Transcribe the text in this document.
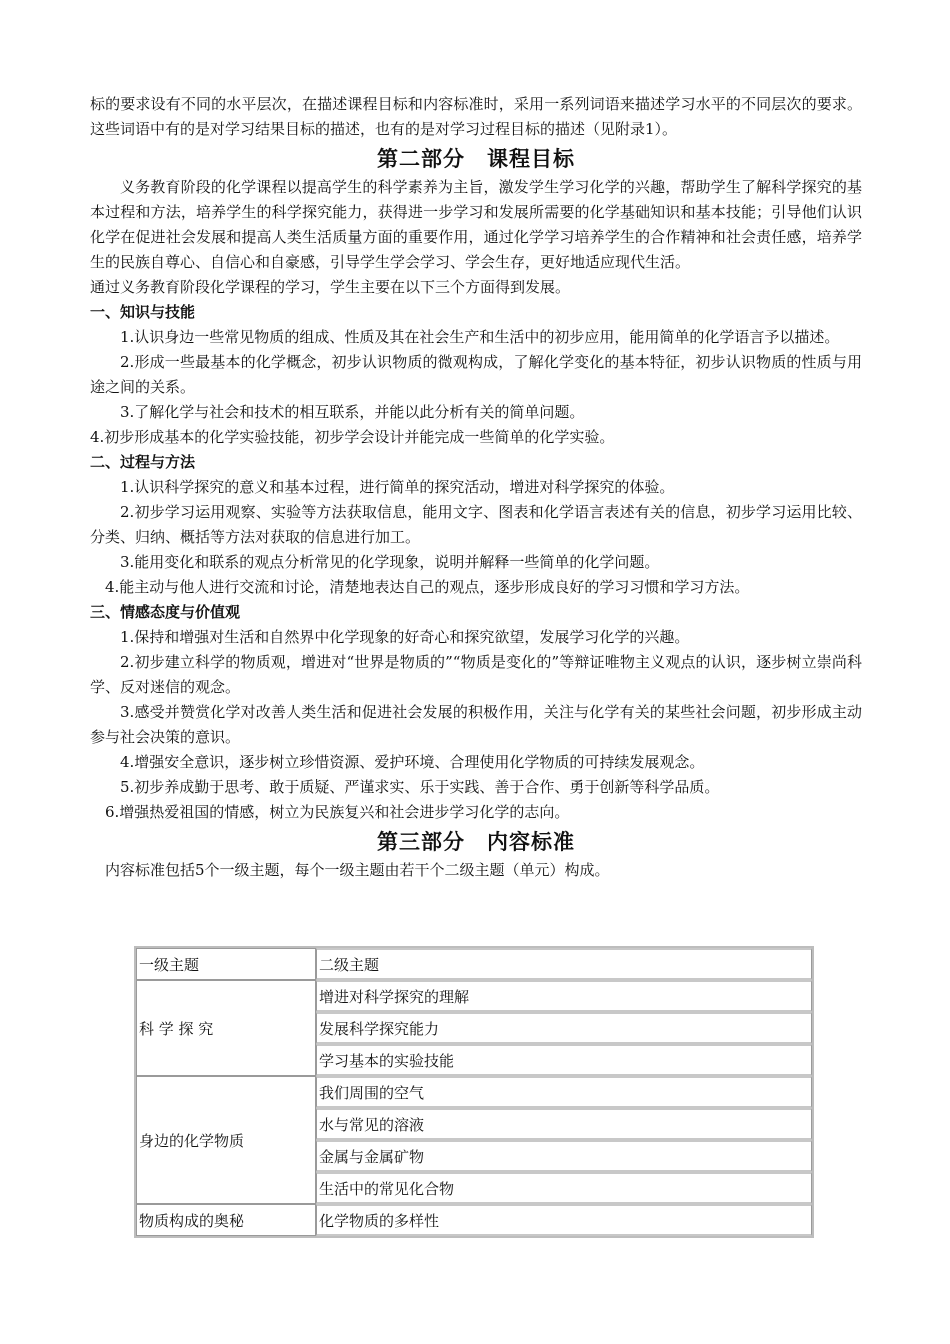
标的要求设有不同的水平层次，在描述课程目标和内容标准时，采用一系列词语来描述学习水平的不同层次的要求。这些词语中有的是对学习结果目标的描述，也有的是对学习过程目标的描述（见附录1）。

第二部分　课程目标

义务教育阶段的化学课程以提高学生的科学素养为主旨，激发学生学习化学的兴趣，帮助学生了解科学探究的基本过程和方法，培养学生的科学探究能力，获得进一步学习和发展所需要的化学基础知识和基本技能；引导他们认识化学在促进社会发展和提高人类生活质量方面的重要作用，通过化学学习培养学生的合作精神和社会责任感，培养学生的民族自尊心、自信心和自豪感，引导学生学会学习、学会生存，更好地适应现代生活。

通过义务教育阶段化学课程的学习，学生主要在以下三个方面得到发展。

一、知识与技能

1.认识身边一些常见物质的组成、性质及其在社会生产和生活中的初步应用，能用简单的化学语言予以描述。

2.形成一些最基本的化学概念，初步认识物质的微观构成，了解化学变化的基本特征，初步认识物质的性质与用途之间的关系。

3.了解化学与社会和技术的相互联系，并能以此分析有关的简单问题。

4.初步形成基本的化学实验技能，初步学会设计并能完成一些简单的化学实验。

二、过程与方法

1.认识科学探究的意义和基本过程，进行简单的探究活动，增进对科学探究的体验。

2.初步学习运用观察、实验等方法获取信息，能用文字、图表和化学语言表述有关的信息，初步学习运用比较、分类、归纳、概括等方法对获取的信息进行加工。

3.能用变化和联系的观点分析常见的化学现象，说明并解释一些简单的化学问题。

4.能主动与他人进行交流和讨论，清楚地表达自己的观点，逐步形成良好的学习习惯和学习方法。

三、情感态度与价值观

1.保持和增强对生活和自然界中化学现象的好奇心和探究欲望，发展学习化学的兴趣。

2.初步建立科学的物质观，增进对“世界是物质的”“物质是变化的”等辩证唯物主义观点的认识，逐步树立崇尚科学、反对迷信的观念。

3.感受并赞赏化学对改善人类生活和促进社会发展的积极作用，关注与化学有关的某些社会问题，初步形成主动参与社会决策的意识。

4.增强安全意识，逐步树立珍惜资源、爱护环境、合理使用化学物质的可持续发展观念。

5.初步养成勤于思考、敢于质疑、严谨求实、乐于实践、善于合作、勇于创新等科学品质。

6.增强热爱祖国的情感，树立为民族复兴和社会进步学习化学的志向。

第三部分　内容标准

内容标准包括5个一级主题，每个一级主题由若干个二级主题（单元）构成。

一级主题	二级主题
科 学 探 究	增进对科学探究的理解
	发展科学探究能力
	学习基本的实验技能
身边的化学物质	我们周围的空气
	水与常见的溶液
	金属与金属矿物
	生活中的常见化合物
物质构成的奥秘	化学物质的多样性
